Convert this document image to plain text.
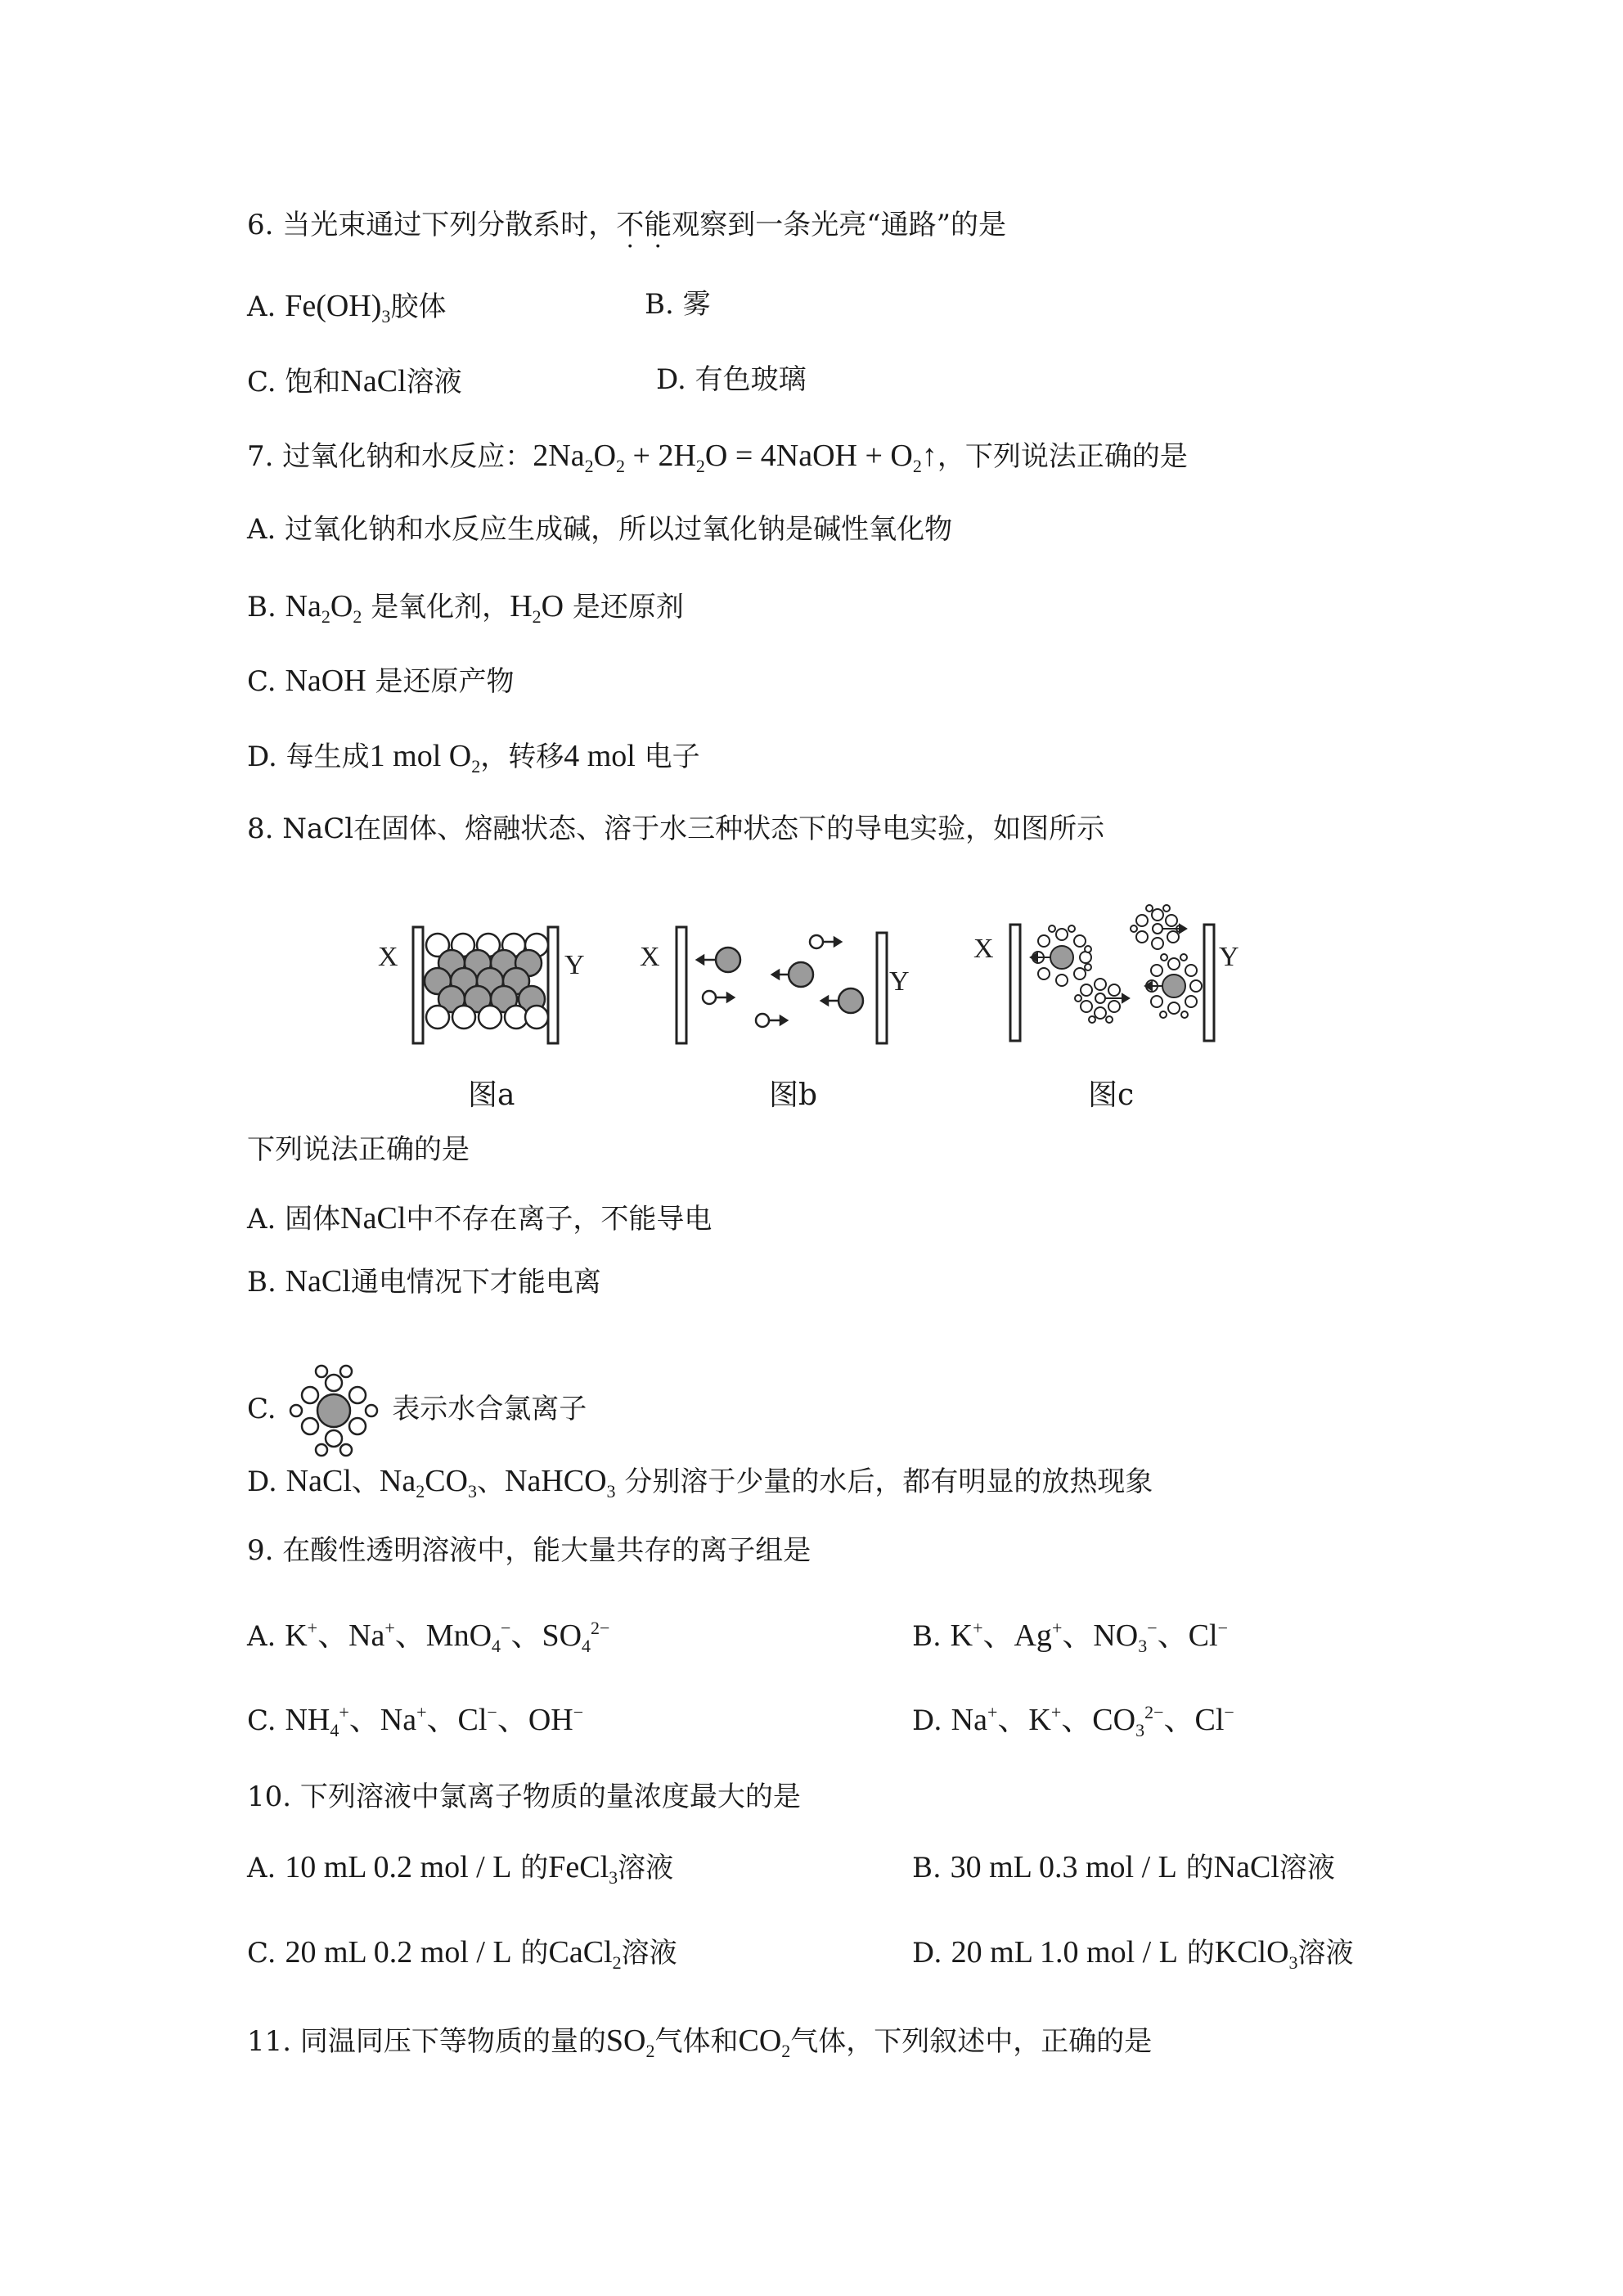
6. 当光束通过下列分散系时，不能观察到一条光亮“通路”的是
A. $Fe(OH)_3$胶体	B. 雾
C. 饱和NaCl溶液	D. 有色玻璃
7. 过氧化钠和水反应：$2Na_2O_2 + 2H_2O$ = 4NaOH + $O_2↑$，下列说法正确的是
A. 过氧化钠和水反应生成碱，所以过氧化钠是碱性氧化物
B. $Na_2O_2$ 是氧化剂，$H_2O$ 是还原剂
C. NaOH 是还原产物
D. 每生成1 mol $O_2$，转移4 mol 电子
8. NaCl在固体、熔融状态、溶于水三种状态下的导电实验，如图所示
X	Y X
Y
X	Y
图a	图b	图c
下列说法正确的是
A. 固体NaCl中不存在离子，不能导电
B. NaCl通电情况下才能电离
C.	表示水合氯离子
D. NaCl、$Na_2CO_3$、NaHCO$_3$ 分别溶于少量的水后，都有明显的放热现象
9. 在酸性透明溶液中，能大量共存的离子组是
A. K+、Na+、MnO$_4$−、$SO_4^{2-}$	B. K+、Ag+、$NO_3^-$、Cl−
C. $NH_4^+$、Na+、Cl−、OH−	D. Na+、K+、$CO_3^{2-}$、Cl−
10. 下列溶液中氯离子物质的量浓度最大的是
A. 10 mL 0.2 mol / L 的FeCl$_3$溶液	B. 30 mL 0.3 mol / L 的NaCl溶液
C. 20 mL 0.2 mol / L 的CaCl$_2$溶液	D. 20 mL 1.0 mol / L 的KClO$_3$溶液
11. 同温同压下等物质的量的$SO_2$气体和$CO_2$气体，下列叙述中，正确的是
